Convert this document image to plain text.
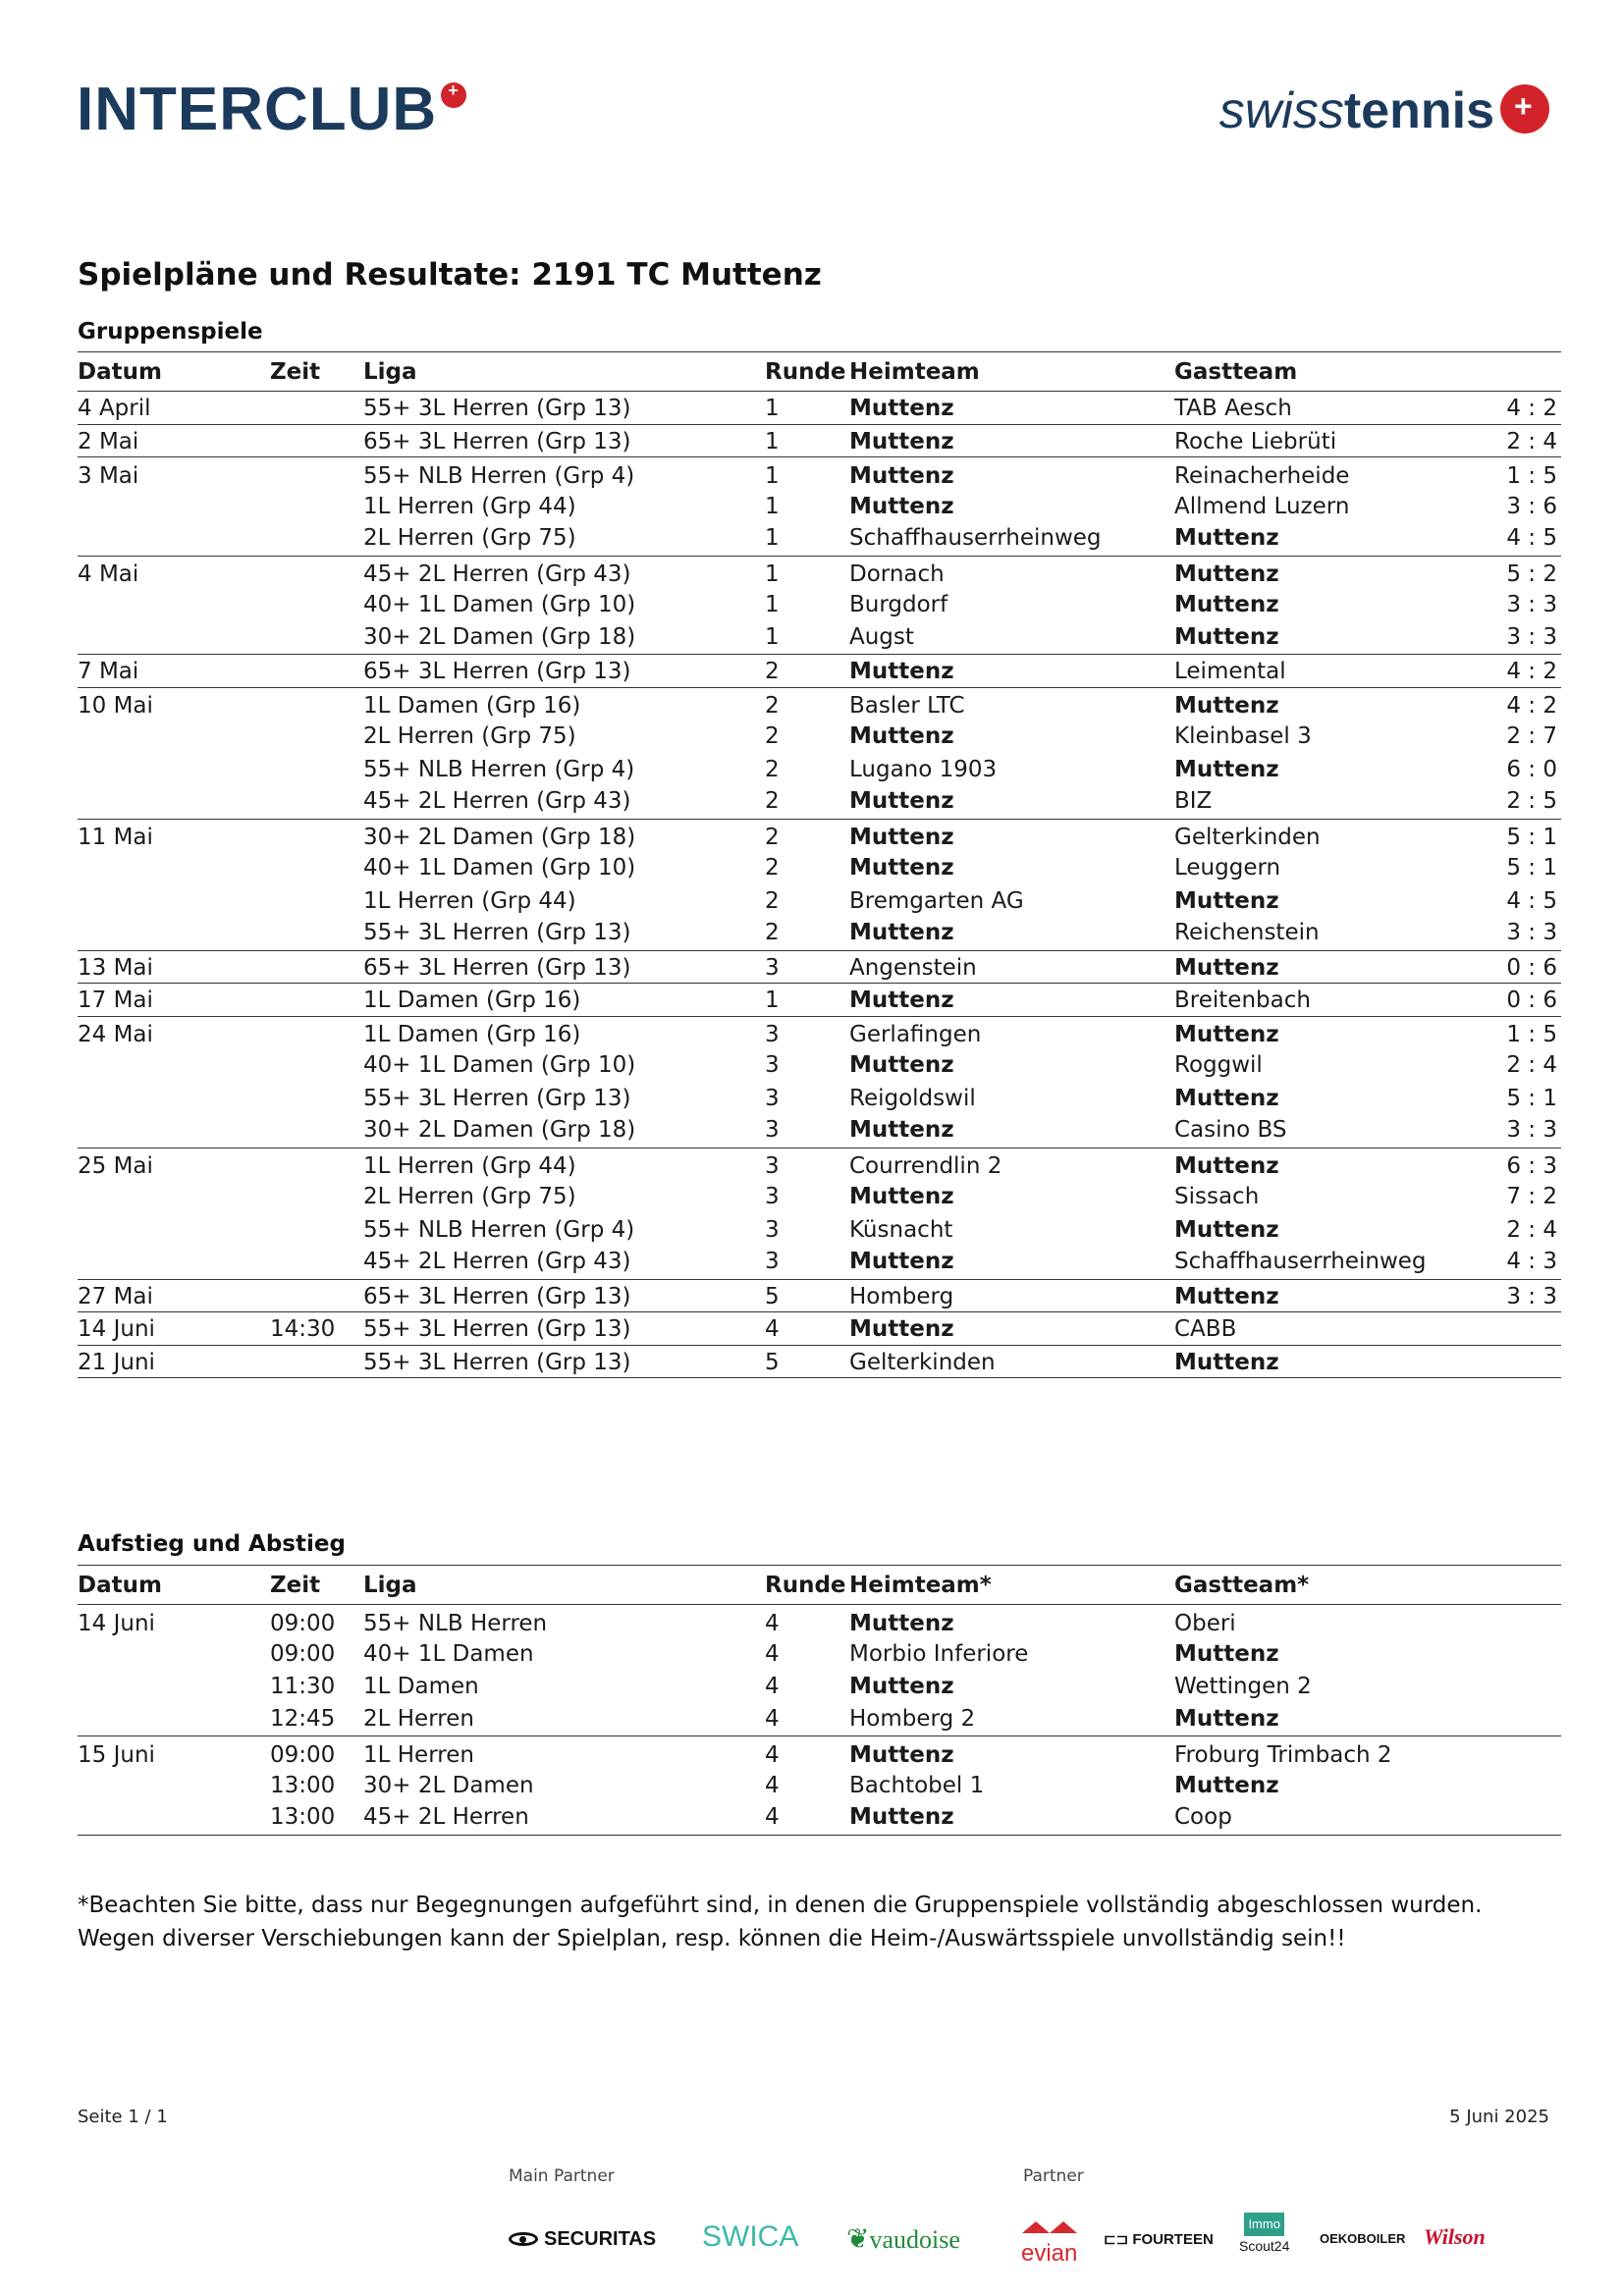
INTERCLUB +	swisstennis+
Spielpläne und Resultate: 2191 TC Muttenz
Gruppenspiele
Datum	Zeit	Liga	Runde	Heimteam	Gastteam	
4 April		55+ 3L Herren (Grp 13)	1	Muttenz	TAB Aesch	4 : 2
2 Mai		65+ 3L Herren (Grp 13)	1	Muttenz	Roche Liebrüti	2 : 4
3 Mai		55+ NLB Herren (Grp 4)	1	Muttenz	Reinacherheide	1 : 5
		1L Herren (Grp 44)	1	Muttenz	Allmend Luzern	3 : 6
		2L Herren (Grp 75)	1	Schaffhauserrheinweg	Muttenz	4 : 5
4 Mai		45+ 2L Herren (Grp 43)	1	Dornach	Muttenz	5 : 2
		40+ 1L Damen (Grp 10)	1	Burgdorf	Muttenz	3 : 3
		30+ 2L Damen (Grp 18)	1	Augst	Muttenz	3 : 3
7 Mai		65+ 3L Herren (Grp 13)	2	Muttenz	Leimental	4 : 2
10 Mai		1L Damen (Grp 16)	2	Basler LTC	Muttenz	4 : 2
		2L Herren (Grp 75)	2	Muttenz	Kleinbasel 3	2 : 7
		55+ NLB Herren (Grp 4)	2	Lugano 1903	Muttenz	6 : 0
		45+ 2L Herren (Grp 43)	2	Muttenz	BIZ	2 : 5
11 Mai		30+ 2L Damen (Grp 18)	2	Muttenz	Gelterkinden	5 : 1
		40+ 1L Damen (Grp 10)	2	Muttenz	Leuggern	5 : 1
		1L Herren (Grp 44)	2	Bremgarten AG	Muttenz	4 : 5
		55+ 3L Herren (Grp 13)	2	Muttenz	Reichenstein	3 : 3
13 Mai		65+ 3L Herren (Grp 13)	3	Angenstein	Muttenz	0 : 6
17 Mai		1L Damen (Grp 16)	1	Muttenz	Breitenbach	0 : 6
24 Mai		1L Damen (Grp 16)	3	Gerlafingen	Muttenz	1 : 5
		40+ 1L Damen (Grp 10)	3	Muttenz	Roggwil	2 : 4
		55+ 3L Herren (Grp 13)	3	Reigoldswil	Muttenz	5 : 1
		30+ 2L Damen (Grp 18)	3	Muttenz	Casino BS	3 : 3
25 Mai		1L Herren (Grp 44)	3	Courrendlin 2	Muttenz	6 : 3
		2L Herren (Grp 75)	3	Muttenz	Sissach	7 : 2
		55+ NLB Herren (Grp 4)	3	Küsnacht	Muttenz	2 : 4
		45+ 2L Herren (Grp 43)	3	Muttenz	Schaffhauserrheinweg	4 : 3
27 Mai		65+ 3L Herren (Grp 13)	5	Homberg	Muttenz	3 : 3
14 Juni	14:30	55+ 3L Herren (Grp 13)	4	Muttenz	CABB	
21 Juni		55+ 3L Herren (Grp 13)	5	Gelterkinden	Muttenz	
Aufstieg und Abstieg
Datum	Zeit	Liga	Runde	Heimteam*	Gastteam*	
14 Juni	09:00	55+ NLB Herren	4	Muttenz	Oberi	
	09:00	40+ 1L Damen	4	Morbio Inferiore	Muttenz	
	11:30	1L Damen	4	Muttenz	Wettingen 2	
	12:45	2L Herren	4	Homberg 2	Muttenz	
15 Juni	09:00	1L Herren	4	Muttenz	Froburg Trimbach 2	
	13:00	30+ 2L Damen	4	Bachtobel 1	Muttenz	
	13:00	45+ 2L Herren	4	Muttenz	Coop	
*Beachten Sie bitte, dass nur Begegnungen aufgeführt sind, in denen die Gruppenspiele vollständig abgeschlossen wurden.
Wegen diverser Verschiebungen kann der Spielplan, resp. können die Heim-/Auswärtsspiele unvollständig sein!!
Seite 1 / 1	5 Juni 2025
Main Partner	Partner
SECURITAS SWICA ❦vaudoise	evian
⊏⊐ FOURTEEN
Immo
Scout24 OEKOBOILER Wilson
